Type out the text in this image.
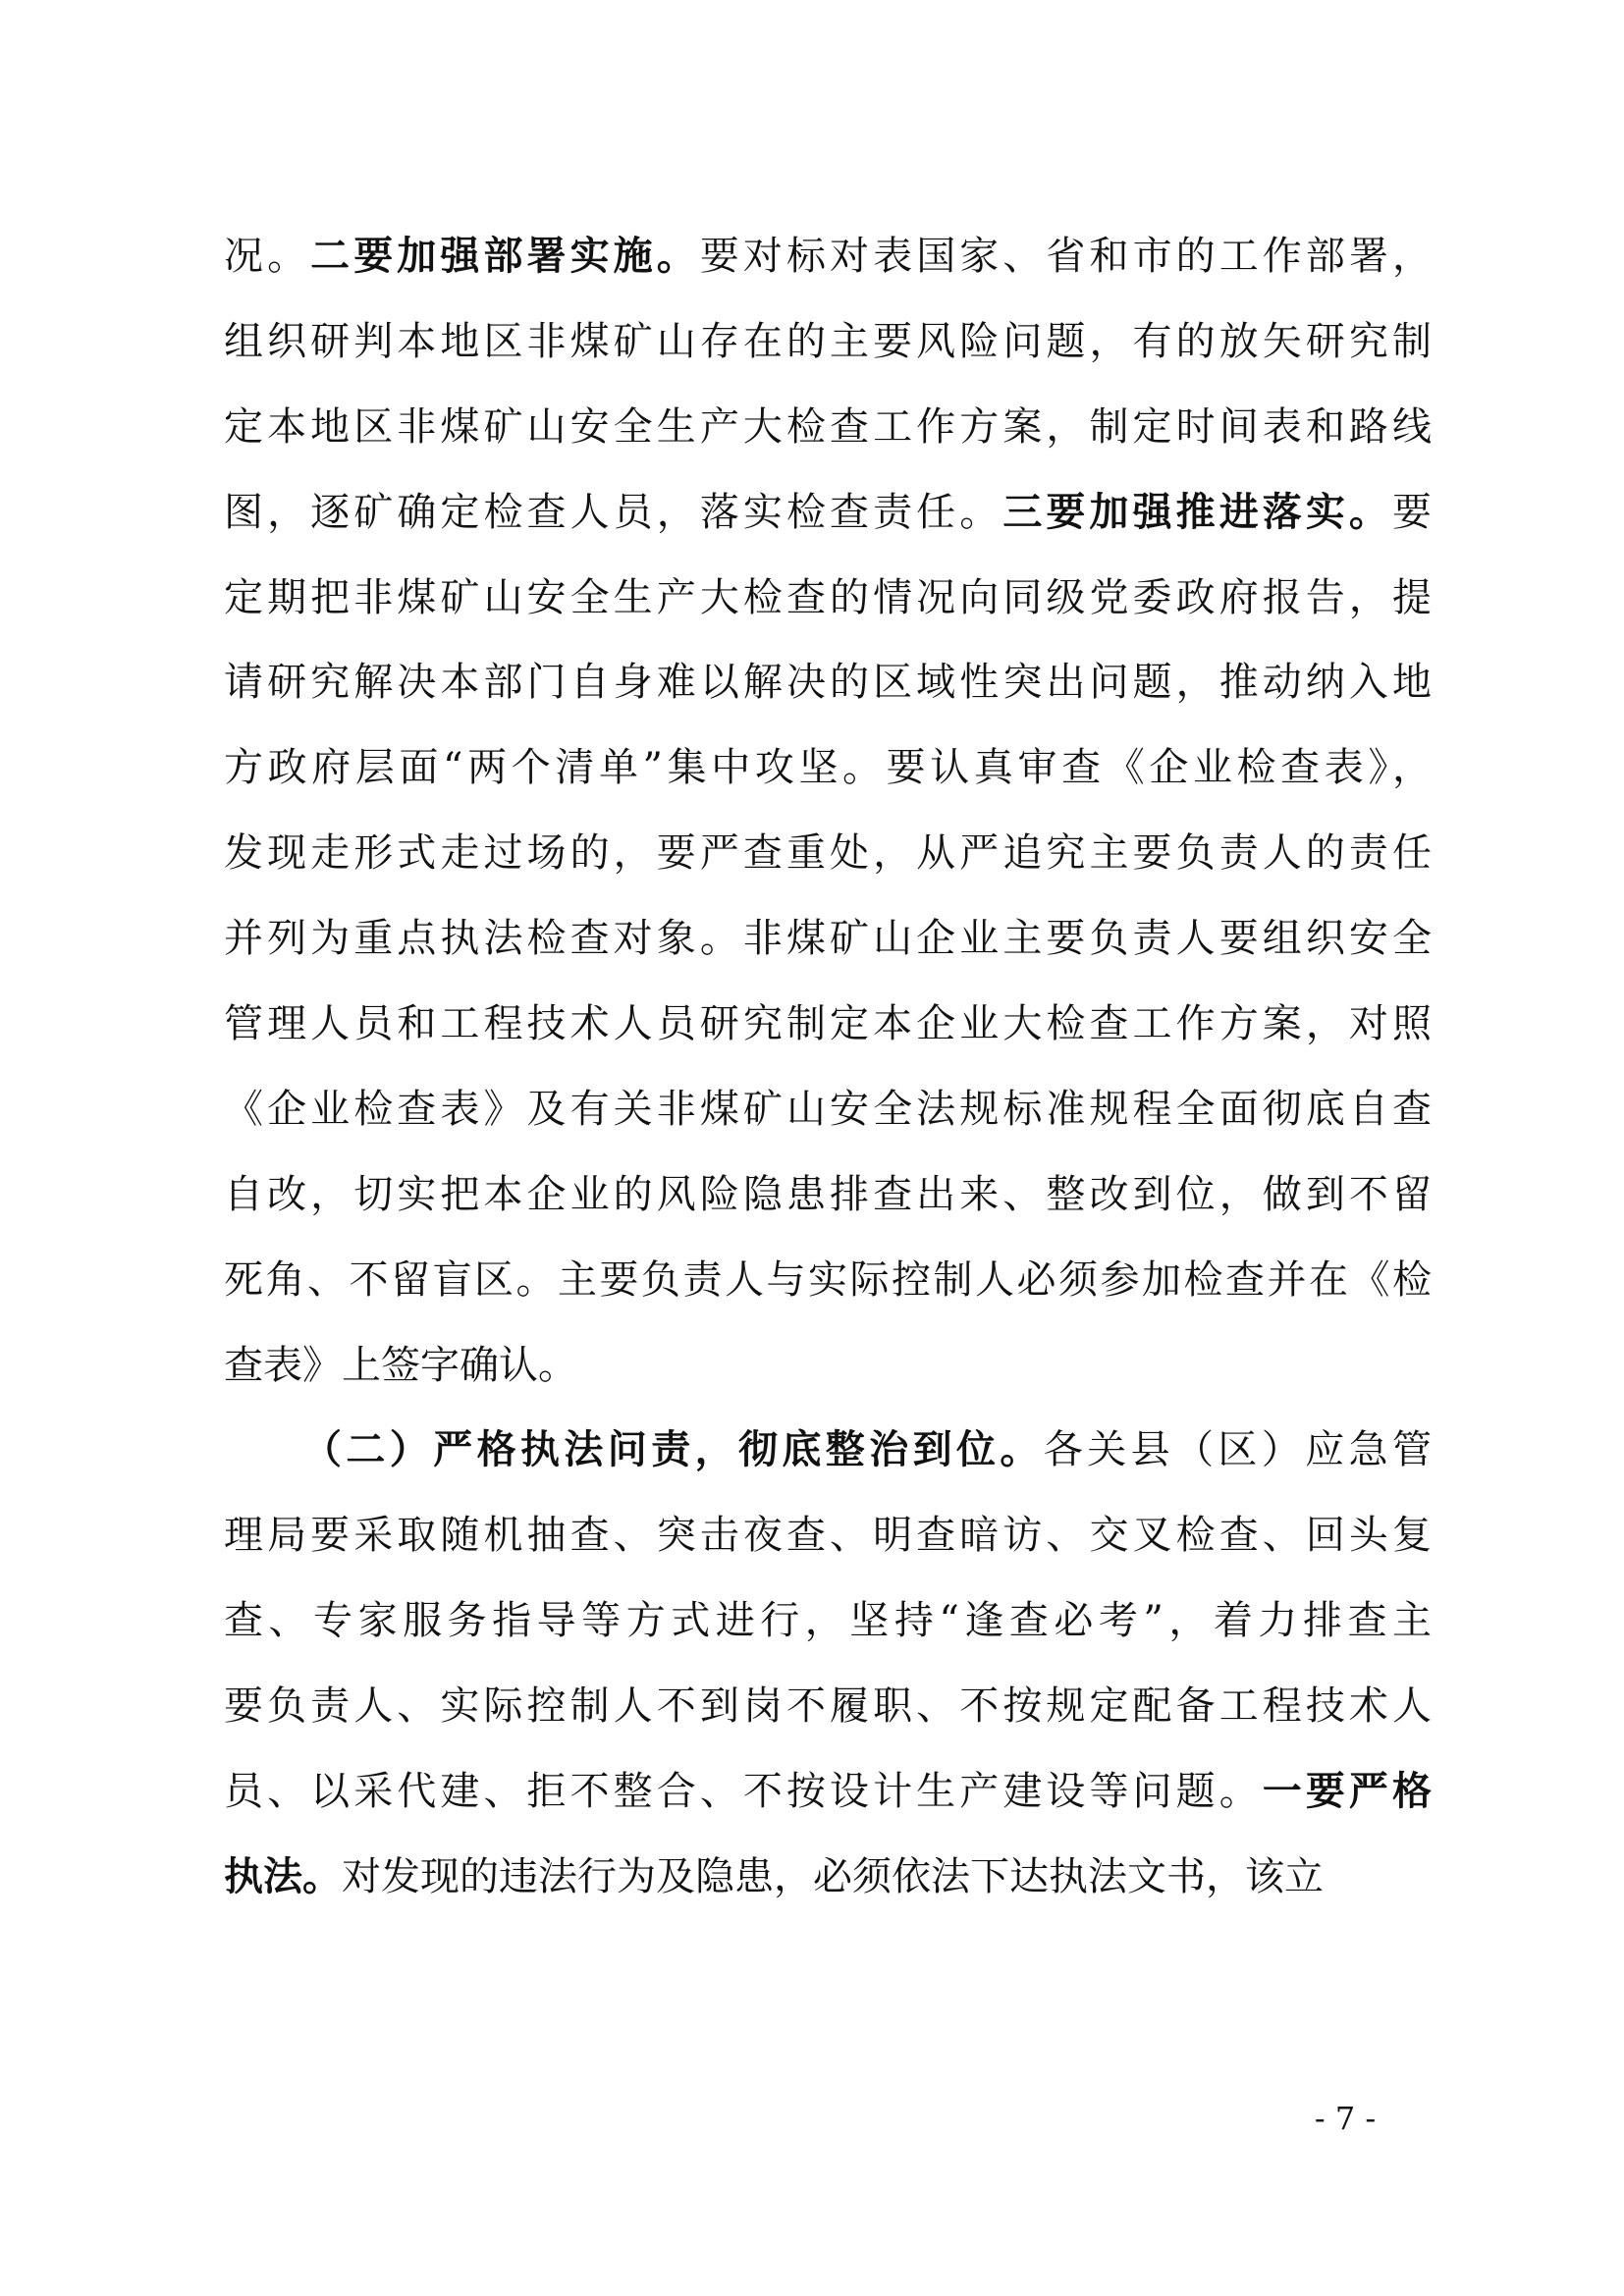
况。二要加强部署实施。要对标对表国家、省和市的工作部署，
组织研判本地区非煤矿山存在的主要风险问题，有的放矢研究制
定本地区非煤矿山安全生产大检查工作方案，制定时间表和路线
图，逐矿确定检查人员，落实检查责任。三要加强推进落实。要
定期把非煤矿山安全生产大检查的情况向同级党委政府报告，提
请研究解决本部门自身难以解决的区域性突出问题，推动纳入地
方政府层面“两个清单”集中攻坚。要认真审查《企业检查表》，
发现走形式走过场的，要严查重处，从严追究主要负责人的责任
并列为重点执法检查对象。非煤矿山企业主要负责人要组织安全
管理人员和工程技术人员研究制定本企业大检查工作方案，对照
《企业检查表》及有关非煤矿山安全法规标准规程全面彻底自查
自改，切实把本企业的风险隐患排查出来、整改到位，做到不留
死角、不留盲区。主要负责人与实际控制人必须参加检查并在《检
查表》上签字确认。
（二）严格执法问责，彻底整治到位。各关县（区）应急管
理局要采取随机抽查、突击夜查、明查暗访、交叉检查、回头复
查、专家服务指导等方式进行，坚持“逢查必考”，着力排查主
要负责人、实际控制人不到岗不履职、不按规定配备工程技术人
员、以采代建、拒不整合、不按设计生产建设等问题。一要严格
执法。对发现的违法行为及隐患，必须依法下达执法文书，该立
- 7 -
